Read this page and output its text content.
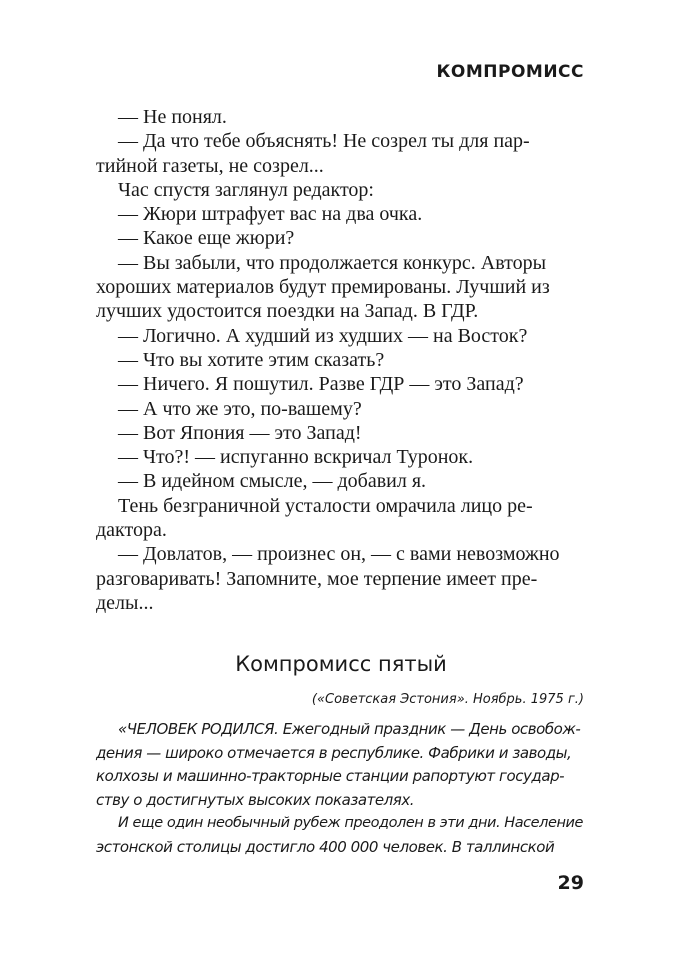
КОМПРОМИСС

— Не понял.

— Да что тебе объяснять! Не созрел ты для пар-

тийной газеты, не созрел...

Час спустя заглянул редактор:

— Жюри штрафует вас на два очка.

— Какое еще жюри?

— Вы забыли, что продолжается конкурс. Авторы

хороших материалов будут премированы. Лучший из

лучших удостоится поездки на Запад. В ГДР.

— Логично. А худший из худших — на Восток?

— Что вы хотите этим сказать?

— Ничего. Я пошутил. Разве ГДР — это Запад?

— А что же это, по-вашему?

— Вот Япония — это Запад!

— Что?! — испуганно вскричал Туронок.

— В идейном смысле, — добавил я.

Тень безграничной усталости омрачила лицо ре-

дактора.

— Довлатов, — произнес он, — с вами невозможно

разговаривать! Запомните, мое терпение имеет пре-

делы...

Компромисс пятый
(«Советская Эстония». Ноябрь. 1975 г.)

«ЧЕЛОВЕК РОДИЛСЯ. Ежегодный праздник — День освобож-

дения — широко отмечается в республике. Фабрики и заводы,

колхозы и машинно-тракторные станции рапортуют государ-

ству о достигнутых высоких показателях.

И еще один необычный рубеж преодолен в эти дни. Население

эстонской столицы достигло 400 000 человек. В таллинской

29
